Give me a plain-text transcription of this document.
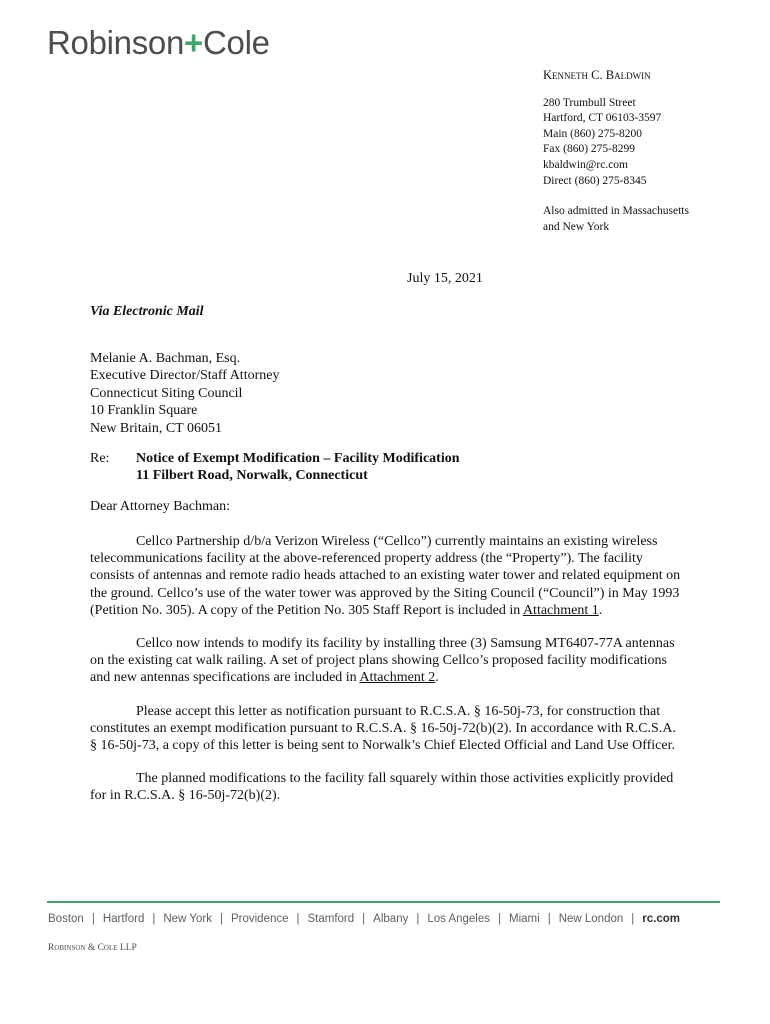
Robinson+Cole
Kenneth C. Baldwin
280 Trumbull Street
Hartford, CT 06103-3597
Main (860) 275-8200
Fax (860) 275-8299
kbaldwin@rc.com
Direct (860) 275-8345
Also admitted in Massachusetts
and New York
July 15, 2021
Via Electronic Mail
Melanie A. Bachman, Esq.
Executive Director/Staff Attorney
Connecticut Siting Council
10 Franklin Square
New Britain, CT 06051
Re:	Notice of Exempt Modification – Facility Modification
11 Filbert Road, Norwalk, Connecticut
Dear Attorney Bachman:

Cellco Partnership d/b/a Verizon Wireless (“Cellco”) currently maintains an existing wireless telecommunications facility at the above-referenced property address (the “Property”). The facility consists of antennas and remote radio heads attached to an existing water tower and related equipment on the ground. Cellco’s use of the water tower was approved by the Siting Council (“Council”) in May 1993 (Petition No. 305). A copy of the Petition No. 305 Staff Report is included in Attachment 1.

Cellco now intends to modify its facility by installing three (3) Samsung MT6407-77A antennas on the existing cat walk railing. A set of project plans showing Cellco’s proposed facility modifications and new antennas specifications are included in Attachment 2.

Please accept this letter as notification pursuant to R.C.S.A. § 16-50j-73, for construction that constitutes an exempt modification pursuant to R.C.S.A. § 16-50j-72(b)(2). In accordance with R.C.S.A. § 16-50j-73, a copy of this letter is being sent to Norwalk’s Chief Elected Official and Land Use Officer.

The planned modifications to the facility fall squarely within those activities explicitly provided for in R.C.S.A. § 16-50j-72(b)(2).

Boston | Hartford | New York | Providence | Stamford | Albany | Los Angeles | Miami | New London | rc.com
Robinson & Cole LLP
